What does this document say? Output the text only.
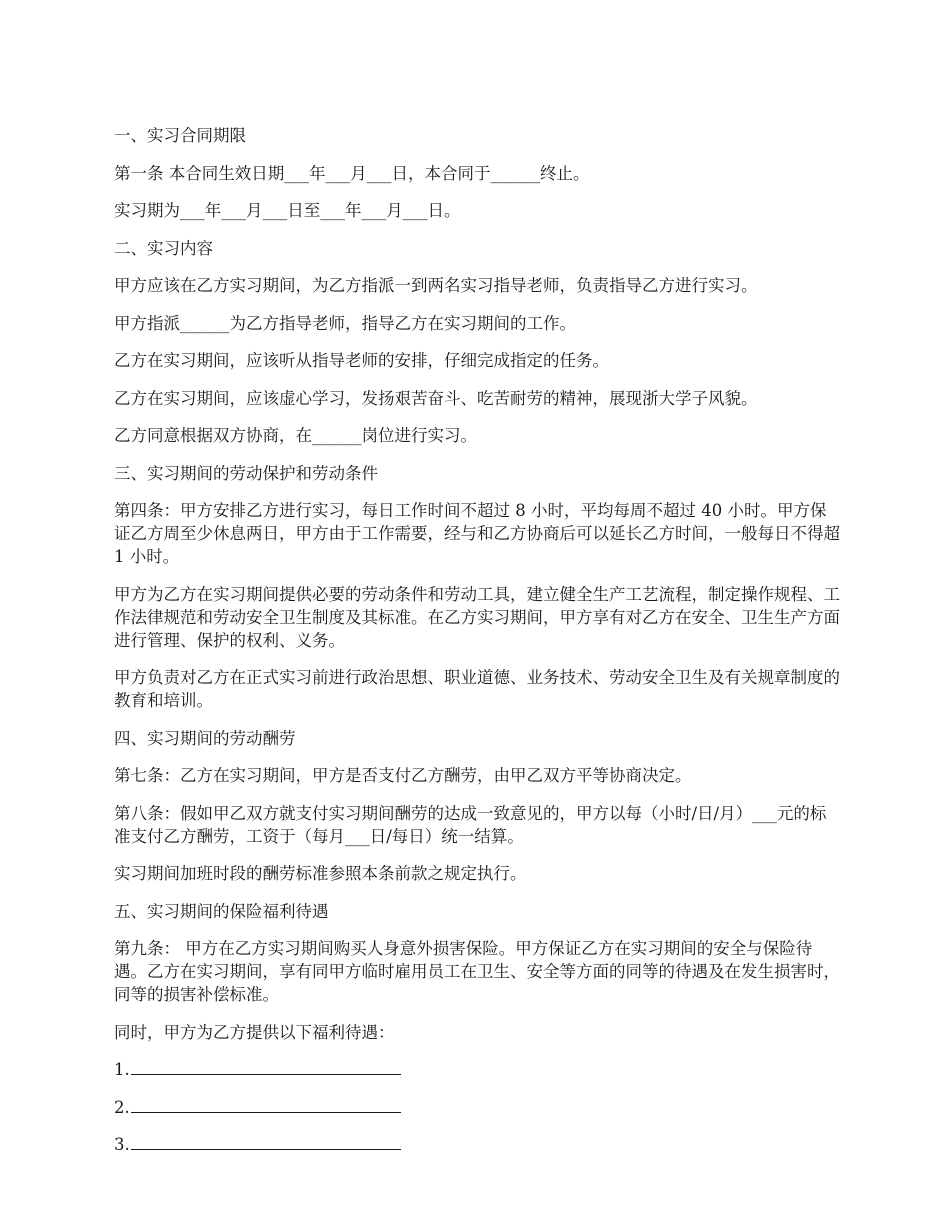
一、实习合同期限

第一条 本合同生效日期___年___月___日，本合同于______终止。

实习期为___年___月___日至___年___月___日。

二、实习内容

甲方应该在乙方实习期间，为乙方指派一到两名实习指导老师，负责指导乙方进行实习。

甲方指派______为乙方指导老师，指导乙方在实习期间的工作。

乙方在实习期间，应该听从指导老师的安排，仔细完成指定的任务。

乙方在实习期间，应该虚心学习，发扬艰苦奋斗、吃苦耐劳的精神，展现浙大学子风貌。

乙方同意根据双方协商，在______岗位进行实习。

三、实习期间的劳动保护和劳动条件

第四条：甲方安排乙方进行实习，每日工作时间不超过 8 小时，平均每周不超过 40 小时。甲方保证乙方周至少休息两日，甲方由于工作需要，经与和乙方协商后可以延长乙方时间，一般每日不得超 1 小时。

甲方为乙方在实习期间提供必要的劳动条件和劳动工具，建立健全生产工艺流程，制定操作规程、工作法律规范和劳动安全卫生制度及其标准。在乙方实习期间，甲方享有对乙方在安全、卫生生产方面进行管理、保护的权利、义务。

甲方负责对乙方在正式实习前进行政治思想、职业道德、业务技术、劳动安全卫生及有关规章制度的教育和培训。

四、实习期间的劳动酬劳

第七条：乙方在实习期间，甲方是否支付乙方酬劳，由甲乙双方平等协商决定。

第八条：假如甲乙双方就支付实习期间酬劳的达成一致意见的，甲方以每（小时/日/月）___元的标准支付乙方酬劳，工资于（每月___日/每日）统一结算。

实习期间加班时段的酬劳标准参照本条前款之规定执行。

五、实习期间的保险福利待遇

第九条： 甲方在乙方实习期间购买人身意外损害保险。甲方保证乙方在实习期间的安全与保险待遇。乙方在实习期间，享有同甲方临时雇用员工在卫生、安全等方面的同等的待遇及在发生损害时，同等的损害补偿标准。

同时，甲方为乙方提供以下福利待遇：

1.

2.

3.
